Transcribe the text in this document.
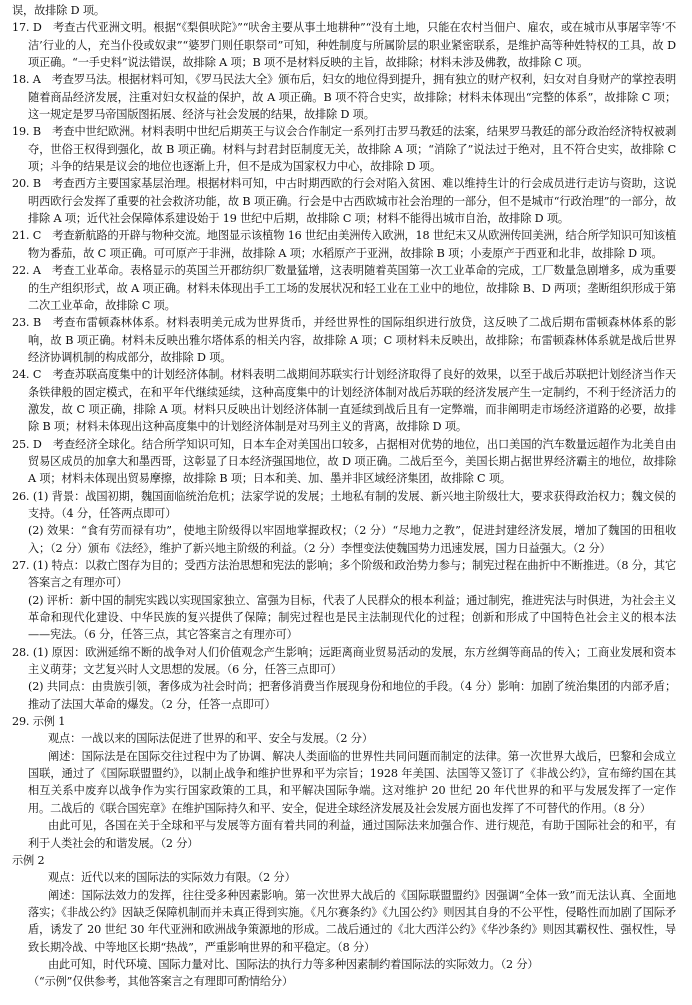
误，故排除 D 项。

17. D　考查古代亚洲文明。根据“《梨俱吠陀》”“吠舍主要从事土地耕种”“没有土地，只能在农村当佃户、雇农，或在城市从事屠宰等‘不洁’行业的人，充当仆役或奴隶”“婆罗门则任职祭司”可知，种姓制度与所属阶层的职业紧密联系，是维护高等种姓特权的工具，故 D 项正确。“一手史料”说法错误，故排除 A 项；B 项不是材料反映的主旨，故排除；材料未涉及佛教，故排除 C 项。

18. A　考查罗马法。根据材料可知，《罗马民法大全》颁布后，妇女的地位得到提升，拥有独立的财产权利，妇女对自身财产的掌控表明随着商品经济发展，注重对妇女权益的保护，故 A 项正确。B 项不符合史实，故排除；材料未体现出“完整的体系”，故排除 C 项；这一规定是罗马帝国版图拓展、经济与社会发展的结果，故排除 D 项。

19. B　考查中世纪欧洲。材料表明中世纪后期英王与议会合作制定一系列打击罗马教廷的法案，结果罗马教廷的部分政治经济特权被剥夺，世俗王权得到强化，故 B 项正确。材料与封君封臣制度无关，故排除 A 项；“消除了”说法过于绝对，且不符合史实，故排除 C 项；斗争的结果是议会的地位也逐渐上升，但不是成为国家权力中心，故排除 D 项。

20. B　考查西方主要国家基层治理。根据材料可知，中古时期西欧的行会对陷入贫困、难以维持生计的行会成员进行走访与资助，这说明西欧行会发挥了重要的社会救济功能，故 B 项正确。行会是中古西欧城市社会治理的一部分，但不是城市“行政治理”的一部分，故排除 A 项；近代社会保障体系建设始于 19 世纪中后期，故排除 C 项；材料不能得出城市自治，故排除 D 项。

21. C　考查新航路的开辟与物种交流。地图显示该植物 16 世纪由美洲传入欧洲，18 世纪末又从欧洲传回美洲，结合所学知识可知该植物为番茄，故 C 项正确。可可原产于非洲，故排除 A 项；水稻原产于亚洲，故排除 B 项；小麦原产于西亚和北非，故排除 D 项。

22. A　考查工业革命。表格显示的英国兰开郡纺织厂数量猛增，这表明随着英国第一次工业革命的完成，工厂数量急剧增多，成为重要的生产组织形式，故 A 项正确。材料未体现出手工工场的发展状况和轻工业在工业中的地位，故排除 B、D 两项；垄断组织形成于第二次工业革命，故排除 C 项。

23. B　考查布雷顿森林体系。材料表明美元成为世界货币，并经世界性的国际组织进行放贷，这反映了二战后期布雷顿森林体系的影响，故 B 项正确。材料未反映出雅尔塔体系的相关内容，故排除 A 项；C 项材料未反映出，故排除；布雷顿森林体系就是战后世界经济协调机制的构成部分，故排除 D 项。

24. C　考查苏联高度集中的计划经济体制。材料表明二战期间苏联实行计划经济取得了良好的效果，以至于战后苏联把计划经济当作天条铁律般的固定模式，在和平年代继续延续，这种高度集中的计划经济体制对战后苏联的经济发展产生一定制约，不利于经济活力的激发，故 C 项正确，排除 A 项。材料只反映出计划经济体制一直延续到战后且有一定弊端，而非阐明走市场经济道路的必要，故排除 B 项；材料未体现出这种高度集中的计划经济体制是对马列主义的背离，故排除 D 项。

25. D　考查经济全球化。结合所学知识可知，日本车企对美国出口较多，占据相对优势的地位，出口美国的汽车数量远超作为北美自由贸易区成员的加拿大和墨西哥，这彰显了日本经济强国地位，故 D 项正确。二战后至今，美国长期占据世界经济霸主的地位，故排除 A 项；材料未体现出贸易摩擦，故排除 B 项；日本和美、加、墨并非区域经济集团，故排除 C 项。

26. (1) 背景：战国初期，魏国面临统治危机；法家学说的发展；土地私有制的发展、新兴地主阶级壮大，要求获得政治权力；魏文侯的支持。（4 分，任答两点即可）

(2) 效果：“食有劳而禄有功”，使地主阶级得以牢固地掌握政权；（2 分）“尽地力之教”，促进封建经济发展，增加了魏国的田租收入；（2 分）颁布《法经》，维护了新兴地主阶级的利益。（2 分）李悝变法使魏国势力迅速发展，国力日益强大。（2 分）

27. (1) 特点：以救亡图存为目的；受西方法治思想和宪法的影响；多个阶级和政治势力参与；制宪过程在曲折中不断推进。（8 分，其它答案言之有理亦可）

(2) 评析：新中国的制宪实践以实现国家独立、富强为目标，代表了人民群众的根本利益；通过制宪，推进宪法与时俱进，为社会主义革命和现代化建设、中华民族的复兴提供了保障；制宪过程也是民主法制现代化的过程；创新和形成了中国特色社会主义的根本法——宪法。（6 分，任答三点，其它答案言之有理亦可）

28. (1) 原因：欧洲延绵不断的战争对人们价值观念产生影响；远距离商业贸易活动的发展，东方丝绸等商品的传入；工商业发展和资本主义萌芽；文艺复兴时人文思想的发展。（6 分，任答三点即可）

(2) 共同点：由贵族引领，奢侈成为社会时尚；把奢侈消费当作展现身份和地位的手段。（4 分）影响：加剧了统治集团的内部矛盾；推动了法国大革命的爆发。（2 分，任答一点即可）

29. 示例 1

观点：一战以来的国际法促进了世界的和平、安全与发展。（2 分）

阐述：国际法是在国际交往过程中为了协调、解决人类面临的世界性共同问题而制定的法律。第一次世界大战后，巴黎和会成立国联，通过了《国际联盟盟约》，以制止战争和维护世界和平为宗旨；1928 年美国、法国等又签订了《非战公约》，宣布缔约国在其相互关系中废弃以战争作为实行国家政策的工具，和平解决国际争端。这对维护 20 世纪 20 年代世界的和平与发展发挥了一定作用。二战后的《联合国宪章》在维护国际持久和平、安全，促进全球经济发展及社会发展方面也发挥了不可替代的作用。（8 分）

由此可见，各国在关于全球和平与发展等方面有着共同的利益，通过国际法来加强合作、进行规范，有助于国际社会的和平，有利于人类社会的和谐发展。（2 分）

示例 2

观点：近代以来的国际法的实际效力有限。（2 分）

阐述：国际法效力的发挥，往往受多种因素影响。第一次世界大战后的《国际联盟盟约》因强调“全体一致”而无法认真、全面地落实；《非战公约》因缺乏保障机制而并未真正得到实施。《凡尔赛条约》《九国公约》则因其自身的不公平性，侵略性而加剧了国际矛盾，诱发了 20 世纪 30 年代亚洲和欧洲战争策源地的形成。二战后通过的《北大西洋公约》《华沙条约》则因其霸权性、强权性，导致长期冷战、中等地区长期“热战”，严重影响世界的和平稳定。（8 分）

由此可知，时代环境、国际力量对比、国际法的执行力等多种因素制约着国际法的实际效力。（2 分）

（“示例”仅供参考，其他答案言之有理即可酌情给分）
